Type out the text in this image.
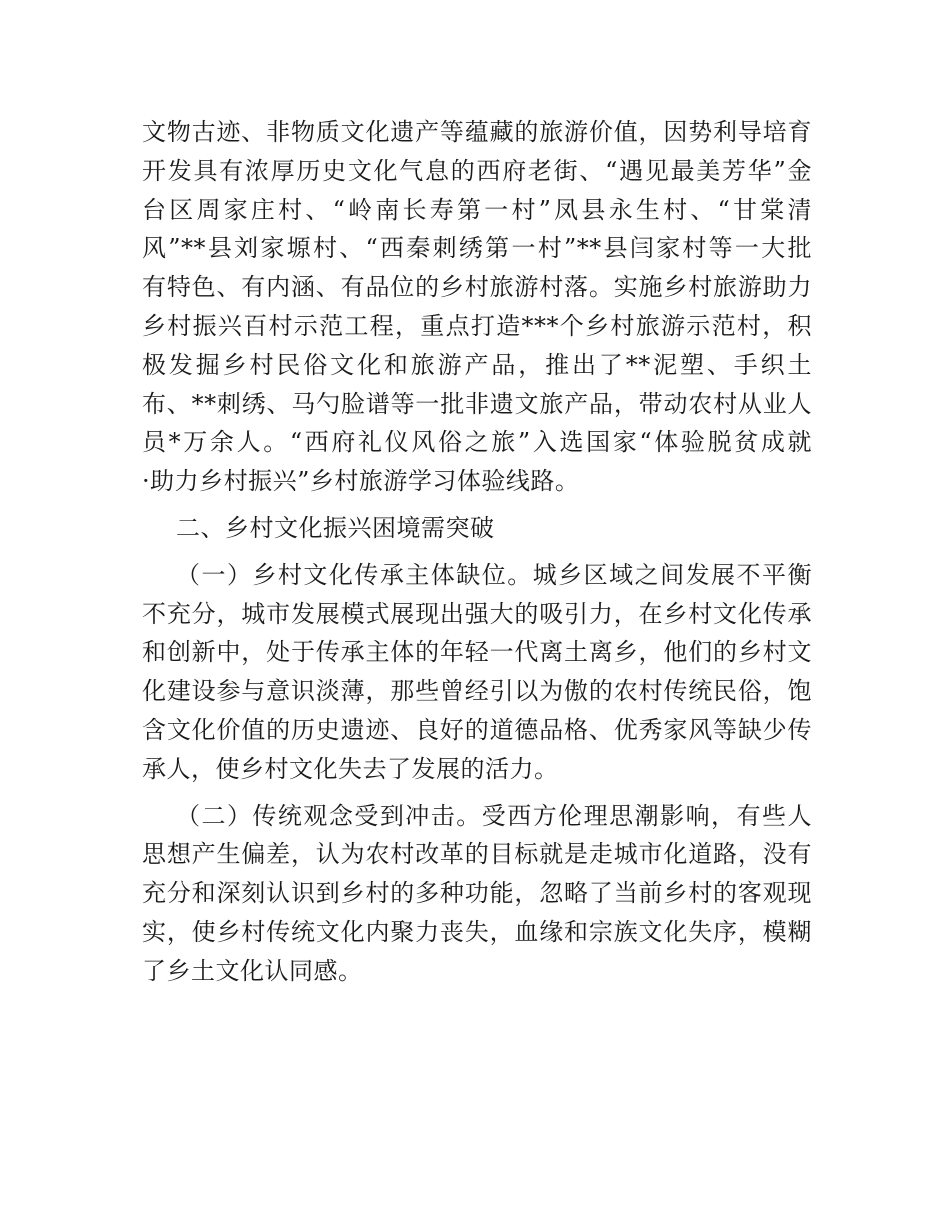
文物古迹、非物质文化遗产等蕴藏的旅游价值，因势利导培育
开发具有浓厚历史文化气息的西府老街、“遇见最美芳华”金
台区周家庄村、“岭南长寿第一村”凤县永生村、“甘棠清
风”**县刘家塬村、“西秦刺绣第一村”**县闫家村等一大批
有特色、有内涵、有品位的乡村旅游村落。实施乡村旅游助力
乡村振兴百村示范工程，重点打造***个乡村旅游示范村，积
极发掘乡村民俗文化和旅游产品，推出了**泥塑、手织土
布、**刺绣、马勺脸谱等一批非遗文旅产品，带动农村从业人
员*万余人。“西府礼仪风俗之旅”入选国家“体验脱贫成就
·助力乡村振兴”乡村旅游学习体验线路。
二、乡村文化振兴困境需突破
（一）乡村文化传承主体缺位。城乡区域之间发展不平衡
不充分，城市发展模式展现出强大的吸引力，在乡村文化传承
和创新中，处于传承主体的年轻一代离土离乡，他们的乡村文
化建设参与意识淡薄，那些曾经引以为傲的农村传统民俗，饱
含文化价值的历史遗迹、良好的道德品格、优秀家风等缺少传
承人，使乡村文化失去了发展的活力。
（二）传统观念受到冲击。受西方伦理思潮影响，有些人
思想产生偏差，认为农村改革的目标就是走城市化道路，没有
充分和深刻认识到乡村的多种功能，忽略了当前乡村的客观现
实，使乡村传统文化内聚力丧失，血缘和宗族文化失序，模糊
了乡土文化认同感。
